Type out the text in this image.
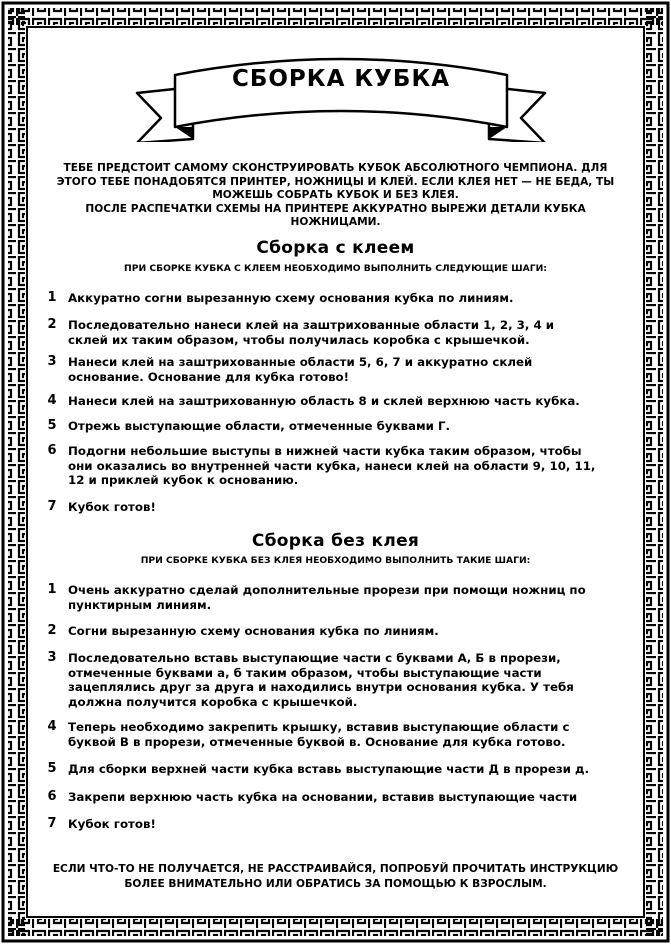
СБОРКА КУБКА

ТЕБЕ ПРЕДСТОИТ САМОМУ СКОНСТРУИРОВАТЬ КУБОК АБСОЛЮТНОГО ЧЕМПИОНА. ДЛЯ ЭТОГО ТЕБЕ ПОНАДОБЯТСЯ ПРИНТЕР, НОЖНИЦЫ И КЛЕЙ. ЕСЛИ КЛЕЯ НЕТ — НЕ БЕДА, ТЫ МОЖЕШЬ СОБРАТЬ КУБОК И БЕЗ КЛЕЯ.

ПОСЛЕ РАСПЕЧАТКИ СХЕМЫ НА ПРИНТЕРЕ АККУРАТНО ВЫРЕЖИ ДЕТАЛИ КУБКА НОЖНИЦАМИ.

Сборка с клеем
ПРИ СБОРКЕ КУБКА С КЛЕЕМ НЕОБХОДИМО ВЫПОЛНИТЬ СЛЕДУЮЩИЕ ШАГИ:
1 Аккуратно согни вырезанную схему основания кубка по линиям.
2 Последовательно нанеси клей на заштрихованные области 1, 2, 3, 4 и склей их таким образом, чтобы получилась коробка с крышечкой.
3 Нанеси клей на заштрихованные области 5, 6, 7 и аккуратно склей основание. Основание для кубка готово!
4 Нанеси клей на заштрихованную область 8 и склей верхнюю часть кубка.
5 Отрежь выступающие области, отмеченные буквами Г.
6 Подогни небольшие выступы в нижней части кубка таким образом, чтобы они оказались во внутренней части кубка, нанеси клей на области 9, 10, 11, 12 и приклей кубок к основанию.
7 Кубок готов!
Сборка без клея
ПРИ СБОРКЕ КУБКА БЕЗ КЛЕЯ НЕОБХОДИМО ВЫПОЛНИТЬ ТАКИЕ ШАГИ:
1 Очень аккуратно сделай дополнительные прорези при помощи ножниц по пунктирным линиям.
2 Согни вырезанную схему основания кубка по линиям.
3 Последовательно вставь выступающие части с буквами А, Б в прорези, отмеченные буквами а, б таким образом, чтобы выступающие части зацеплялись друг за друга и находились внутри основания кубка. У тебя должна получится коробка с крышечкой.
4 Теперь необходимо закрепить крышку, вставив выступающие области с буквой В в прорези, отмеченные буквой в. Основание для кубка готово.
5 Для сборки верхней части кубка вставь выступающие части Д в прорези д.
6 Закрепи верхнюю часть кубка на основании, вставив выступающие части
7 Кубок готов!
ЕСЛИ ЧТО-ТО НЕ ПОЛУЧАЕТСЯ, НЕ РАССТРАИВАЙСЯ, ПОПРОБУЙ ПРОЧИТАТЬ ИНСТРУКЦИЮ БОЛЕЕ ВНИМАТЕЛЬНО ИЛИ ОБРАТИСЬ ЗА ПОМОЩЬЮ К ВЗРОСЛЫМ.
